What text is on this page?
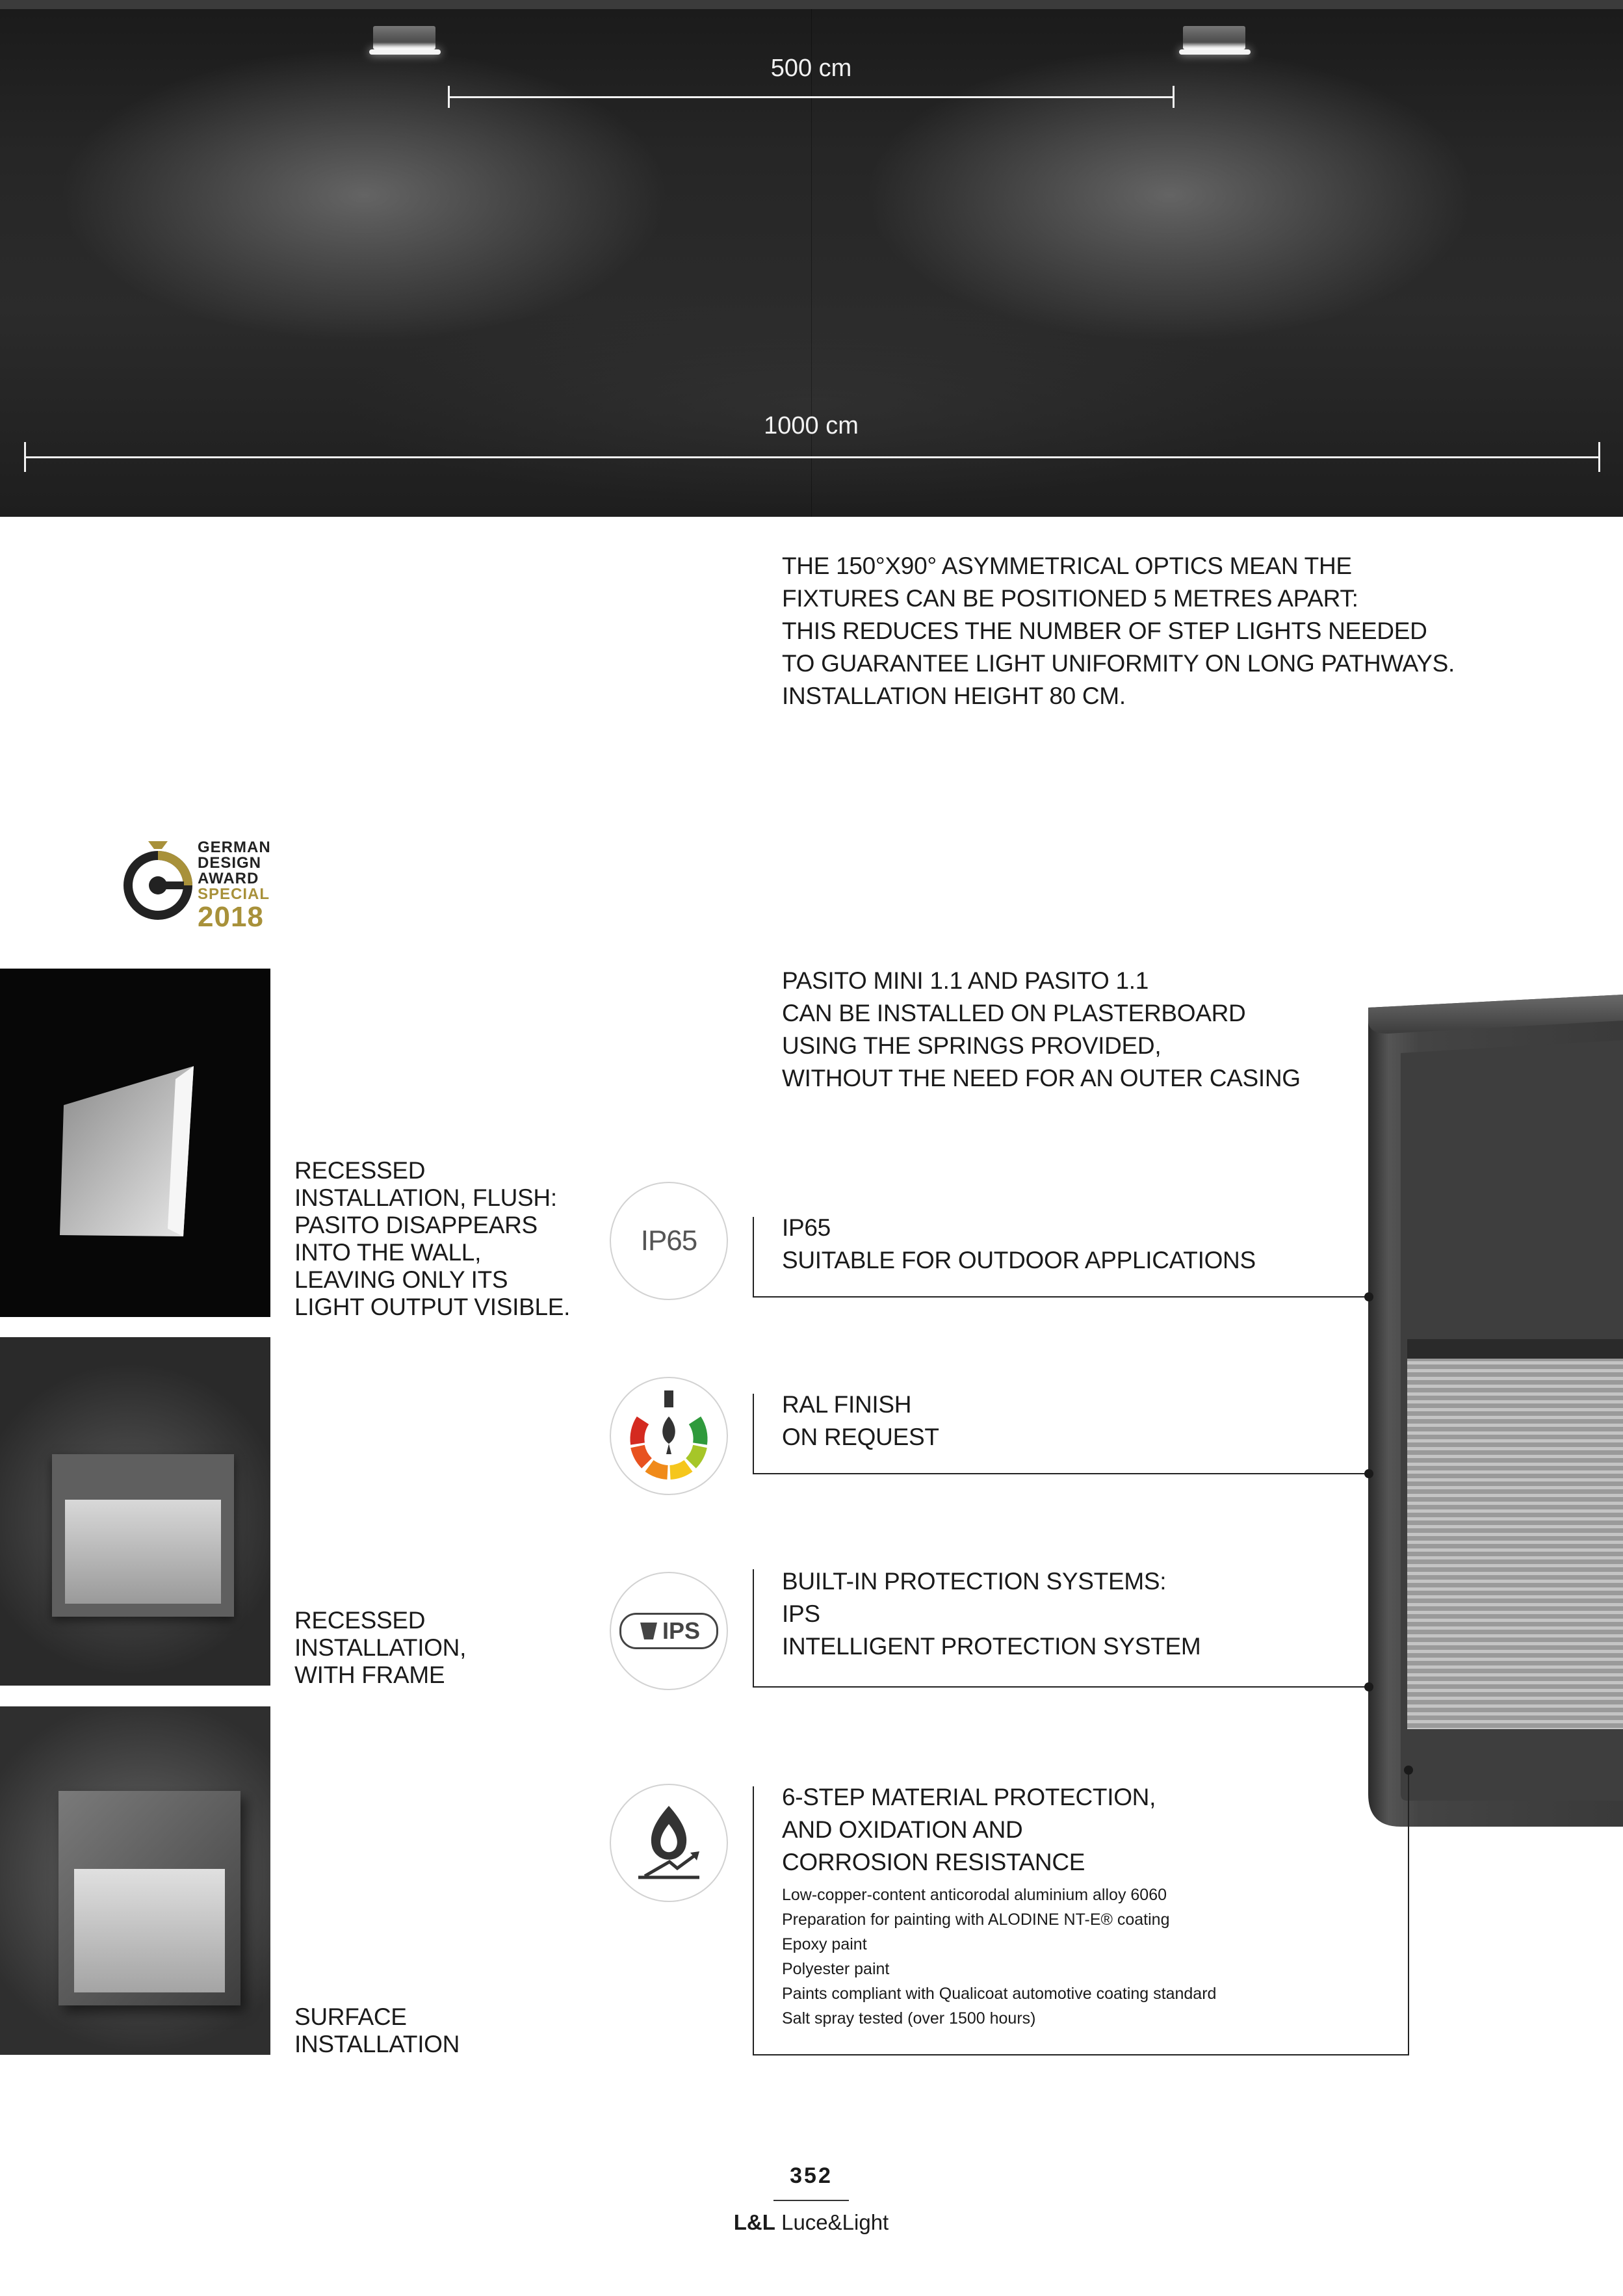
500 cm
1000 cm
THE 150°X90° ASYMMETRICAL OPTICS MEAN THE
FIXTURES CAN BE POSITIONED 5 METRES APART:
THIS REDUCES THE NUMBER OF STEP LIGHTS NEEDED
TO GUARANTEE LIGHT UNIFORMITY ON LONG PATHWAYS.
INSTALLATION HEIGHT 80 CM.
GERMAN
DESIGN
AWARD
SPECIAL
2018
PASITO MINI 1.1 AND PASITO 1.1
CAN BE INSTALLED ON PLASTERBOARD
USING THE SPRINGS PROVIDED,
WITHOUT THE NEED FOR AN OUTER CASING
RECESSED
INSTALLATION, FLUSH:
PASITO DISAPPEARS
INTO THE WALL,
LEAVING ONLY ITS
LIGHT OUTPUT VISIBLE.
RECESSED
INSTALLATION,
WITH FRAME
SURFACE
INSTALLATION
IP65
IPS
IP65
SUITABLE FOR OUTDOOR APPLICATIONS
RAL FINISH
ON REQUEST
BUILT-IN PROTECTION SYSTEMS:
IPS
INTELLIGENT PROTECTION SYSTEM
6-STEP MATERIAL PROTECTION,
AND OXIDATION AND
CORROSION RESISTANCE
Low-copper-content anticorodal aluminium alloy 6060
Preparation for painting with ALODINE NT-E® coating
Epoxy paint
Polyester paint
Paints compliant with Qualicoat automotive coating standard
Salt spray tested (over 1500 hours)
352
L&L Luce&Light
